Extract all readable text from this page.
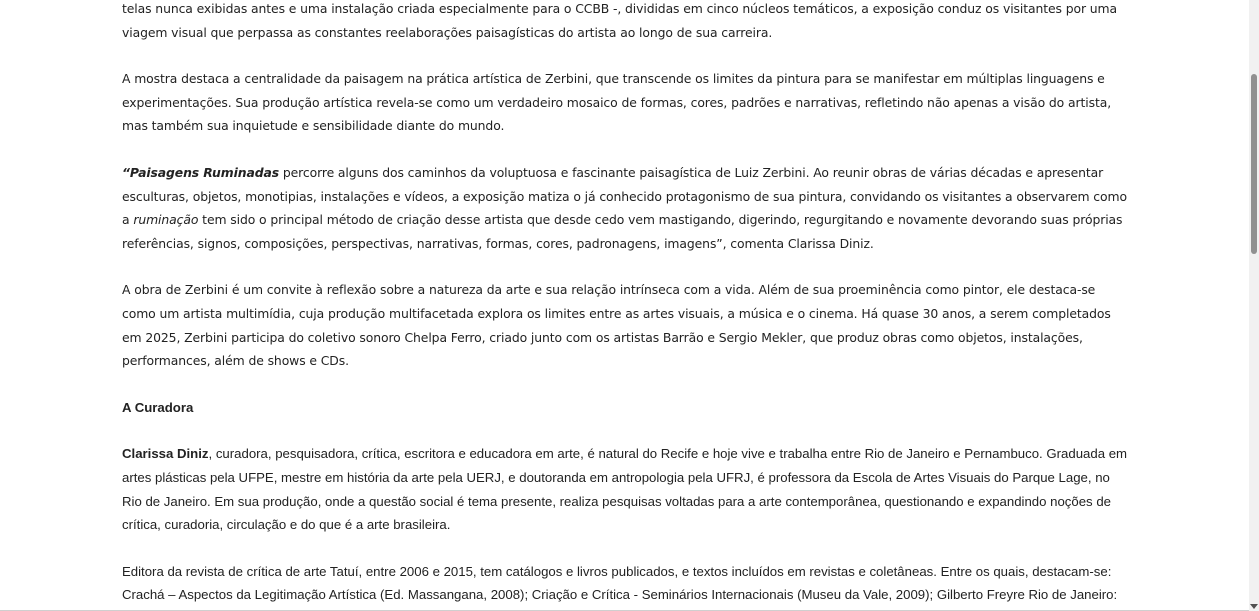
telas nunca exibidas antes e uma instalação criada especialmente para o CCBB -, divididas em cinco núcleos temáticos, a exposição conduz os visitantes por uma viagem visual que perpassa as constantes reelaborações paisagísticas do artista ao longo de sua carreira.

A mostra destaca a centralidade da paisagem na prática artística de Zerbini, que transcende os limites da pintura para se manifestar em múltiplas linguagens e experimentações. Sua produção artística revela-se como um verdadeiro mosaico de formas, cores, padrões e narrativas, refletindo não apenas a visão do artista, mas também sua inquietude e sensibilidade diante do mundo.

“Paisagens Ruminadas percorre alguns dos caminhos da voluptuosa e fascinante paisagística de Luiz Zerbini. Ao reunir obras de várias décadas e apresentar esculturas, objetos, monotipias, instalações e vídeos, a exposição matiza o já conhecido protagonismo de sua pintura, convidando os visitantes a observarem como a ruminação tem sido o principal método de criação desse artista que desde cedo vem mastigando, digerindo, regurgitando e novamente devorando suas próprias referências, signos, composições, perspectivas, narrativas, formas, cores, padronagens, imagens”, comenta Clarissa Diniz.

A obra de Zerbini é um convite à reflexão sobre a natureza da arte e sua relação intrínseca com a vida. Além de sua proeminência como pintor, ele destaca-se como um artista multimídia, cuja produção multifacetada explora os limites entre as artes visuais, a música e o cinema. Há quase 30 anos, a serem completados em 2025, Zerbini participa do coletivo sonoro Chelpa Ferro, criado junto com os artistas Barrão e Sergio Mekler, que produz obras como objetos, instalações, performances, além de shows e CDs.

A Curadora

Clarissa Diniz, curadora, pesquisadora, crítica, escritora e educadora em arte, é natural do Recife e hoje vive e trabalha entre Rio de Janeiro e Pernambuco. Graduada em artes plásticas pela UFPE, mestre em história da arte pela UERJ, e doutoranda em antropologia pela UFRJ, é professora da Escola de Artes Visuais do Parque Lage, no Rio de Janeiro. Em sua produção, onde a questão social é tema presente, realiza pesquisas voltadas para a arte contemporânea, questionando e expandindo noções de crítica, curadoria, circulação e do que é a arte brasileira.

Editora da revista de crítica de arte Tatuí, entre 2006 e 2015, tem catálogos e livros publicados, e textos incluídos em revistas e coletâneas. Entre os quais, destacam-se: Crachá – Aspectos da Legitimação Artística (Ed. Massangana, 2008); Criação e Crítica - Seminários Internacionais (Museu da Vale, 2009); Gilberto Freyre Rio de Janeiro:
